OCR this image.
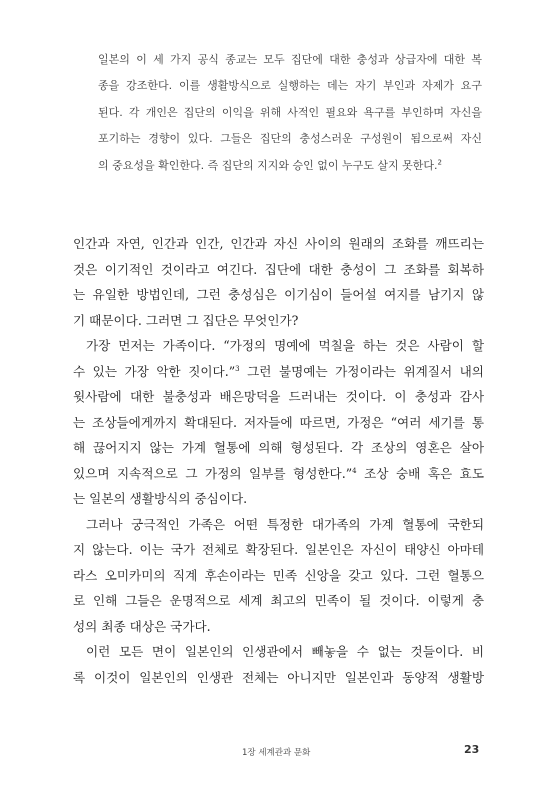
일본의 이 세 가지 공식 종교는 모두 집단에 대한 충성과 상급자에 대한 복
종을 강조한다. 이를 생활방식으로 실행하는 데는 자기 부인과 자제가 요구
된다. 각 개인은 집단의 이익을 위해 사적인 필요와 욕구를 부인하며 자신을
포기하는 경향이 있다. 그들은 집단의 충성스러운 구성원이 됨으로써 자신
의 중요성을 확인한다. 즉 집단의 지지와 승인 없이 누구도 살지 못한다.$^2$
인간과 자연, 인간과 인간, 인간과 자신 사이의 원래의 조화를 깨뜨리는
것은 이기적인 것이라고 여긴다. 집단에 대한 충성이 그 조화를 회복하
는 유일한 방법인데, 그런 충성심은 이기심이 들어설 여지를 남기지 않
기 때문이다. 그러면 그 집단은 무엇인가?
가장 먼저는 가족이다. “가정의 명예에 먹칠을 하는 것은 사람이 할
수 있는 가장 악한 짓이다.”$^3$ 그런 불명예는 가정이라는 위계질서 내의
윗사람에 대한 불충성과 배은망덕을 드러내는 것이다. 이 충성과 감사
는 조상들에게까지 확대된다. 저자들에 따르면, 가정은 “여러 세기를 통
해 끊어지지 않는 가계 혈통에 의해 형성된다. 각 조상의 영혼은 살아
있으며 지속적으로 그 가정의 일부를 형성한다.”$^4$ 조상 숭배 혹은 효도
는 일본의 생활방식의 중심이다.
그러나 궁극적인 가족은 어떤 특정한 대가족의 가계 혈통에 국한되
지 않는다. 이는 국가 전체로 확장된다. 일본인은 자신이 태양신 아마테
라스 오미카미의 직계 후손이라는 민족 신앙을 갖고 있다. 그런 혈통으
로 인해 그들은 운명적으로 세계 최고의 민족이 될 것이다. 이렇게 충
성의 최종 대상은 국가다.
이런 모든 면이 일본인의 인생관에서 빼놓을 수 없는 것들이다. 비
록 이것이 일본인의 인생관 전체는 아니지만 일본인과 동양적 생활방
1장 세계관과 문화	23
